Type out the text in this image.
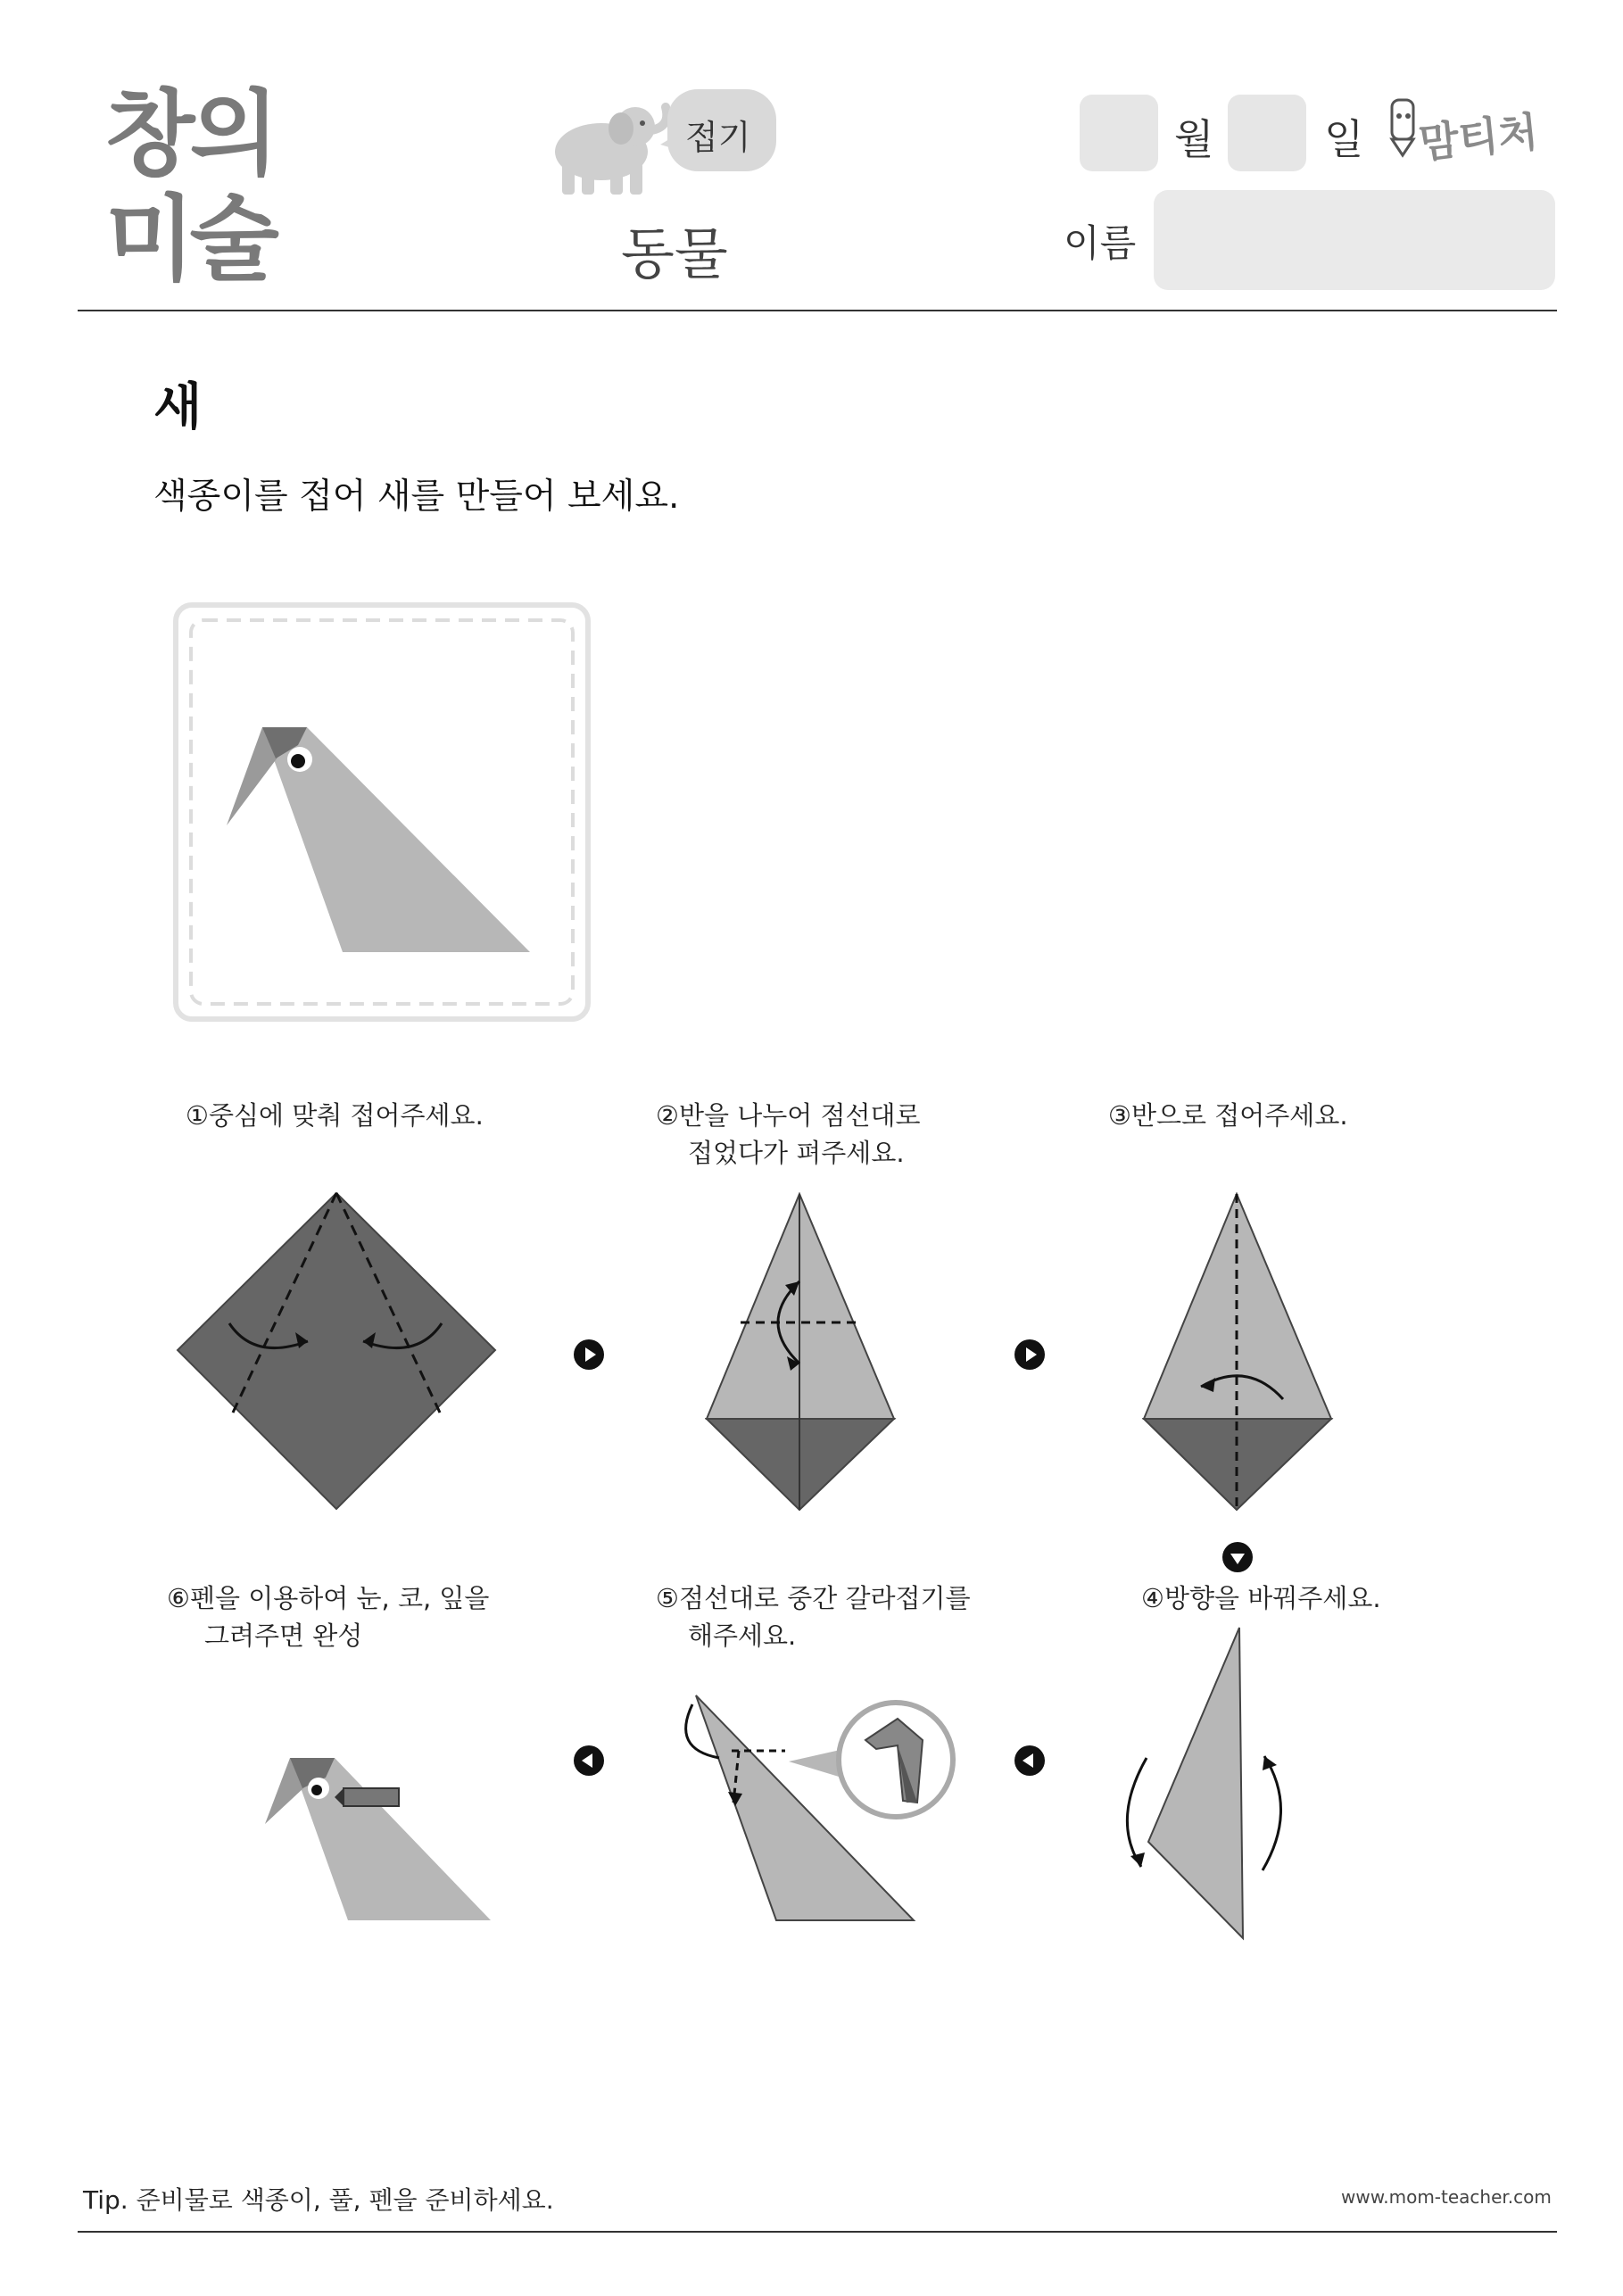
창의
미술
접기
동물
월	일 맘티처
이름
새
색종이를 접어 새를 만들어 보세요.
①중심에 맞춰 접어주세요.	②반을 나누어 점선대로
접었다가 펴주세요.
③반으로 접어주세요.
④방향을 바꿔주세요.
⑤점선대로 중간 갈라접기를
해주세요.
⑥펜을 이용하여 눈, 코, 잎을
그려주면 완성
Tip. 준비물로 색종이, 풀, 펜을 준비하세요.	www.mom-teacher.com
